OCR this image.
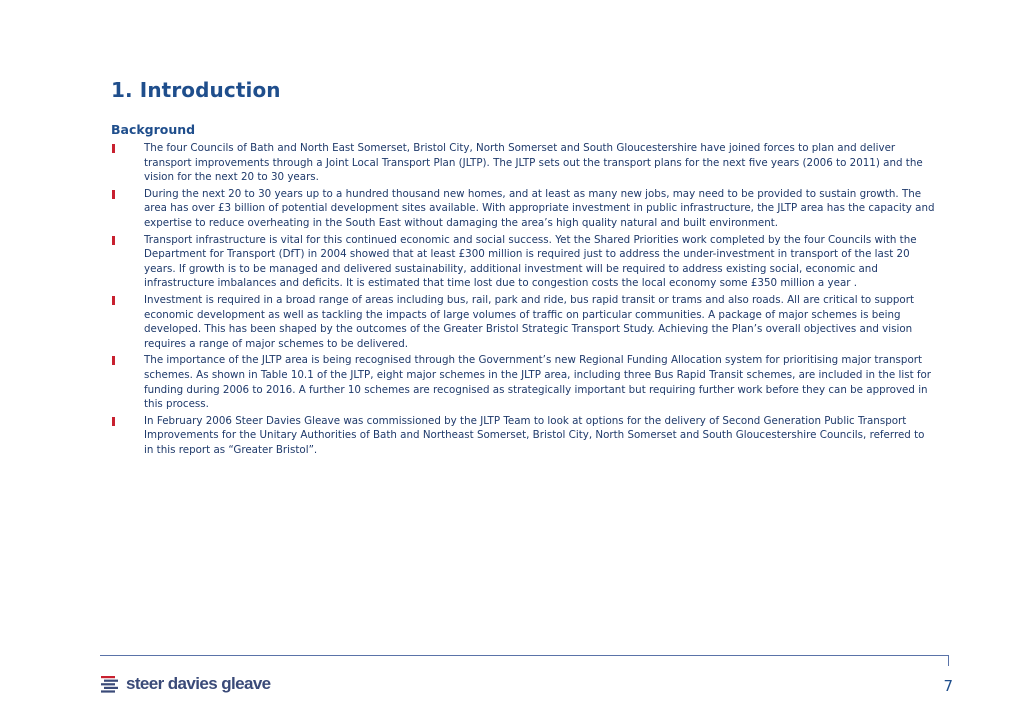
1. Introduction
Background
The four Councils of Bath and North East Somerset, Bristol City, North Somerset and South Gloucestershire have joined forces to plan and deliver transport improvements through a Joint Local Transport Plan (JLTP). The JLTP sets out the transport plans for the next five years (2006 to 2011) and the vision for the next 20 to 30 years.
During the next 20 to 30 years up to a hundred thousand new homes, and at least as many new jobs, may need to be provided to sustain growth. The area has over £3 billion of potential development sites available. With appropriate investment in public infrastructure, the JLTP area has the capacity and expertise to reduce overheating in the South East without damaging the area’s high quality natural and built environment.
Transport infrastructure is vital for this continued economic and social success. Yet the Shared Priorities work completed by the four Councils with the Department for Transport (DfT) in 2004 showed that at least £300 million is required just to address the under-investment in transport of the last 20 years. If growth is to be managed and delivered sustainability, additional investment will be required to address existing social, economic and infrastructure imbalances and deficits. It is estimated that time lost due to congestion costs the local economy some £350 million a year .
Investment is required in a broad range of areas including bus, rail, park and ride, bus rapid transit or trams and also roads. All are critical to support economic development as well as tackling the impacts of large volumes of traffic on particular communities. A package of major schemes is being developed. This has been shaped by the outcomes of the Greater Bristol Strategic Transport Study. Achieving the Plan’s overall objectives and vision requires a range of major schemes to be delivered.
The importance of the JLTP area is being recognised through the Government’s new Regional Funding Allocation system for prioritising major transport schemes. As shown in Table 10.1 of the JLTP, eight major schemes in the JLTP area, including three Bus Rapid Transit schemes, are included in the list for funding during 2006 to 2016. A further 10 schemes are recognised as strategically important but requiring further work before they can be approved in this process.
In February 2006 Steer Davies Gleave was commissioned by the JLTP Team to look at options for the delivery of Second Generation Public Transport Improvements for the Unitary Authorities of Bath and Northeast Somerset, Bristol City, North Somerset and South Gloucestershire Councils, referred to in this report as “Greater Bristol”.
steer davies gleave	7
